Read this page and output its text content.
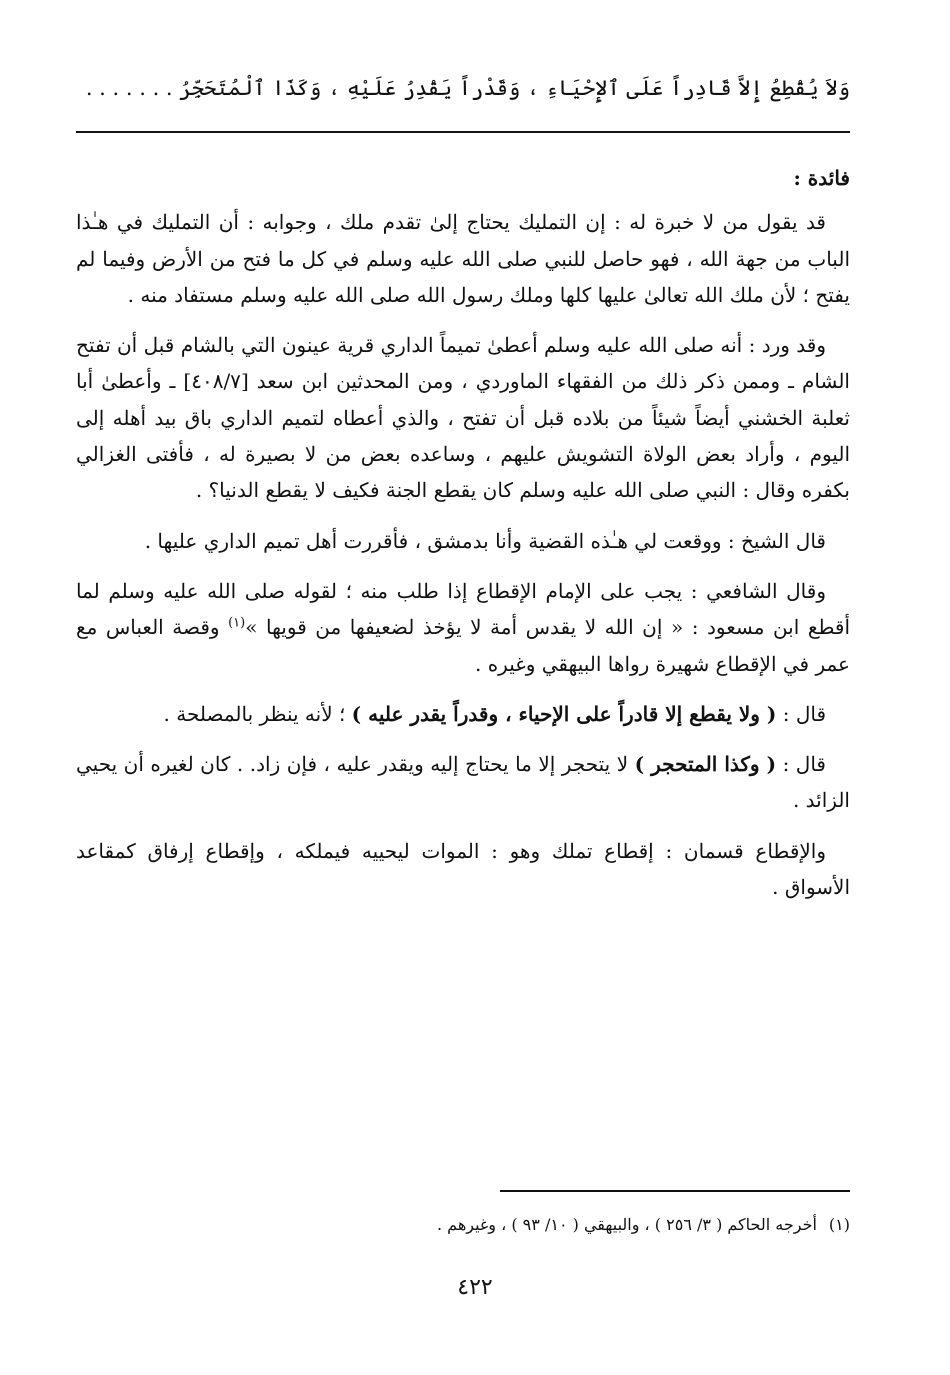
وَلاَ يُقْطِعُ إِلاَّ قَادِراً عَلَى ٱلإِحْيَاءِ ، وَقَدْراً يَقْدِرُ عَلَيْهِ ، وَكَذَا ٱلْمُتَحَجِّرُ . . . . . . .

فائدة :

قد يقول من لا خبرة له : إن التمليك يحتاج إلىٰ تقدم ملك ، وجوابه : أن التمليك في هـٰذا الباب من جهة الله ، فهو حاصل للنبي صلى الله عليه وسلم في كل ما فتح من الأرض وفيما لم يفتح ؛ لأن ملك الله تعالىٰ عليها كلها وملك رسول الله صلى الله عليه وسلم مستفاد منه .

وقد ورد : أنه صلى الله عليه وسلم أعطىٰ تميماً الداري قرية عينون التي بالشام قبل أن تفتح الشام ـ وممن ذكر ذلك من الفقهاء الماوردي ، ومن المحدثين ابن سعد [٤٠٨/٧] ـ وأعطىٰ أبا ثعلبة الخشني أيضاً شيئاً من بلاده قبل أن تفتح ، والذي أعطاه لتميم الداري باق بيد أهله إلى اليوم ، وأراد بعض الولاة التشويش عليهم ، وساعده بعض من لا بصيرة له ، فأفتى الغزالي بكفره وقال : النبي صلى الله عليه وسلم كان يقطع الجنة فكيف لا يقطع الدنيا؟ .

قال الشيخ : ووقعت لي هـٰذه القضية وأنا بدمشق ، فأقررت أهل تميم الداري عليها .

وقال الشافعي : يجب على الإمام الإقطاع إذا طلب منه ؛ لقوله صلى الله عليه وسلم لما أقطع ابن مسعود : « إن الله لا يقدس أمة لا يؤخذ لضعيفها من قويها »$^{(١)}$ وقصة العباس مع عمر في الإقطاع شهيرة رواها البيهقي وغيره .

قال : ( ولا يقطع إلا قادراً على الإحياء ، وقدراً يقدر عليه ) ؛ لأنه ينظر بالمصلحة .

قال : ( وكذا المتحجر ) لا يتحجر إلا ما يحتاج إليه ويقدر عليه ، فإن زاد. . كان لغيره أن يحيي الزائد .

والإقطاع قسمان : إقطاع تملك وهو : الموات ليحييه فيملكه ، وإقطاع إرفاق كمقاعد الأسواق .

(١)أخرجه الحاكم ( ٣/ ٢٥٦ ) ، والبيهقي ( ١٠/ ٩٣ ) ، وغيرهم .
٤٢٢
